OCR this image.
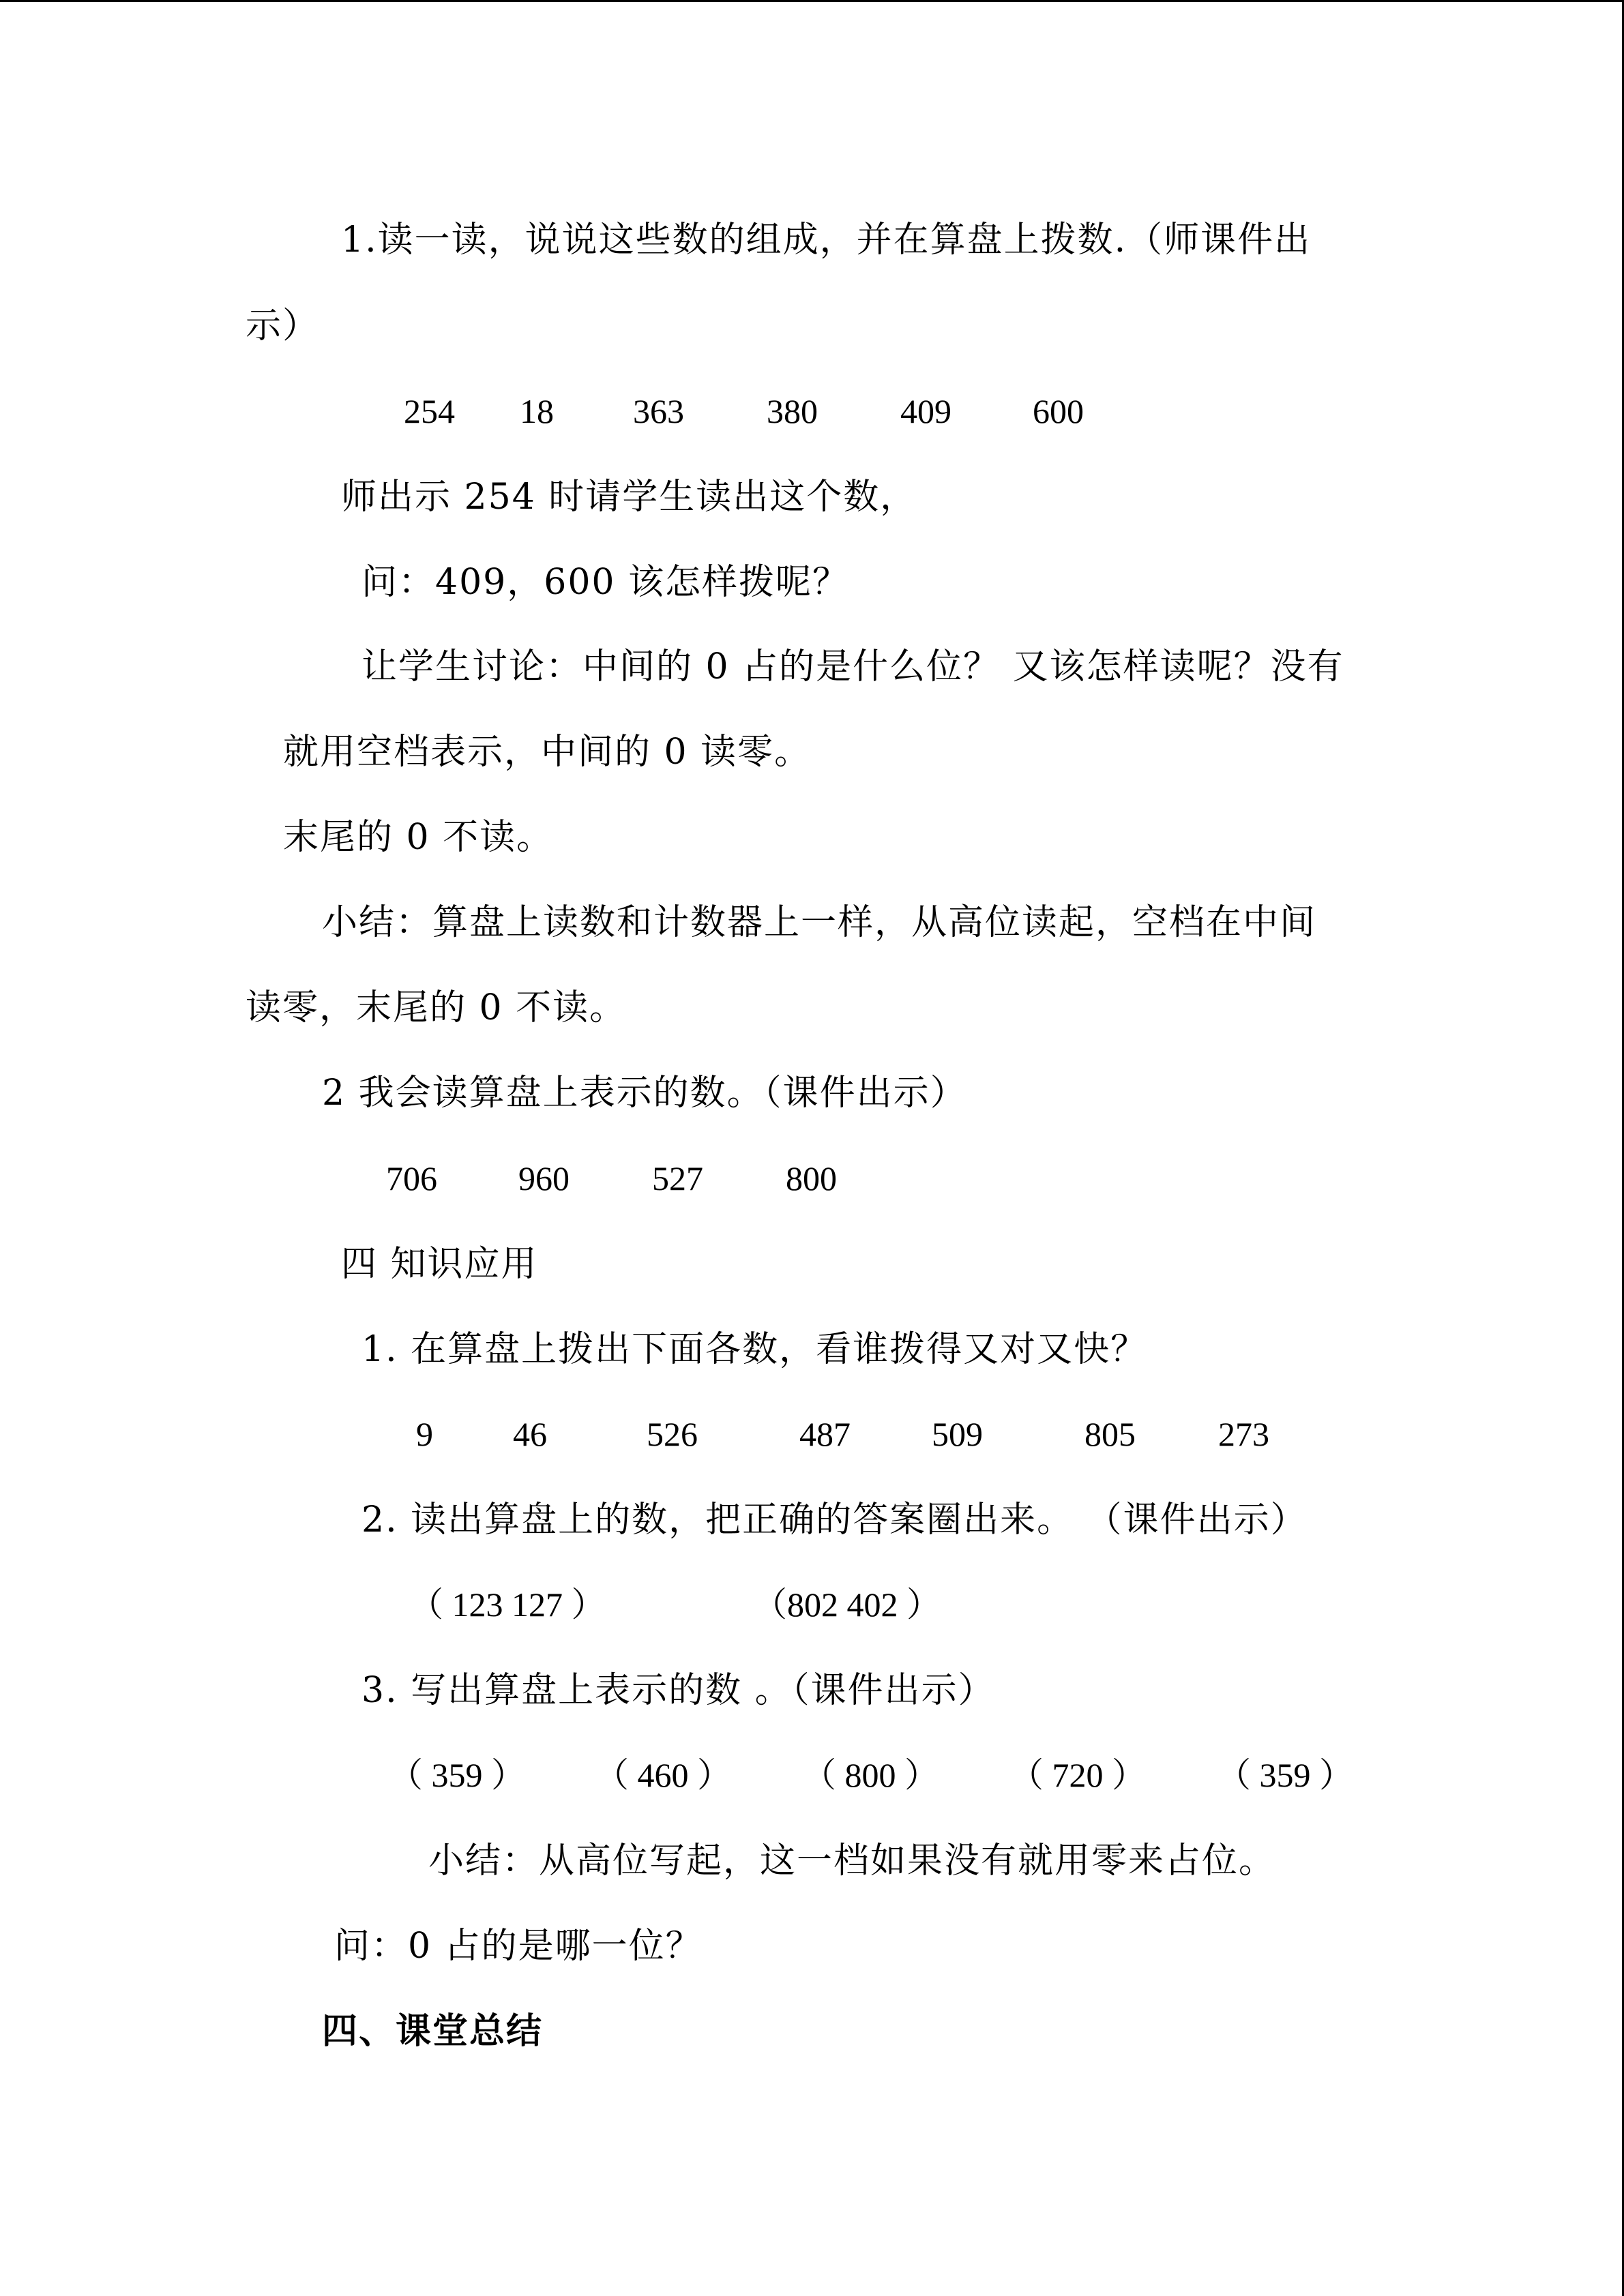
1.读一读，说说这些数的组成，并在算盘上拨数.（师课件出
示）
254 18 363 380 409 600
师出示 254 时请学生读出这个数，
问：409，600 该怎样拨呢？
让学生讨论：中间的 0 占的是什么位？ 又该怎样读呢？没有
就用空档表示，中间的 0 读零。
末尾的 0 不读。
小结：算盘上读数和计数器上一样，从高位读起，空档在中间
读零，末尾的 0 不读。
2 我会读算盘上表示的数。（课件出示）
706 960 527 800
四 知识应用
1. 在算盘上拨出下面各数，看谁拨得又对又快？
9 46	526	487 509	805 273
2. 读出算盘上的数，把正确的答案圈出来。 （课件出示）
（ 123 127 ）	（802 402 ）
3. 写出算盘上表示的数 。（课件出示）
（ 359 ） （ 460 ） （ 800 ） （ 720 ） （ 359 ）
小结：从高位写起，这一档如果没有就用零来占位。
问：0 占的是哪一位？
四、课堂总结
